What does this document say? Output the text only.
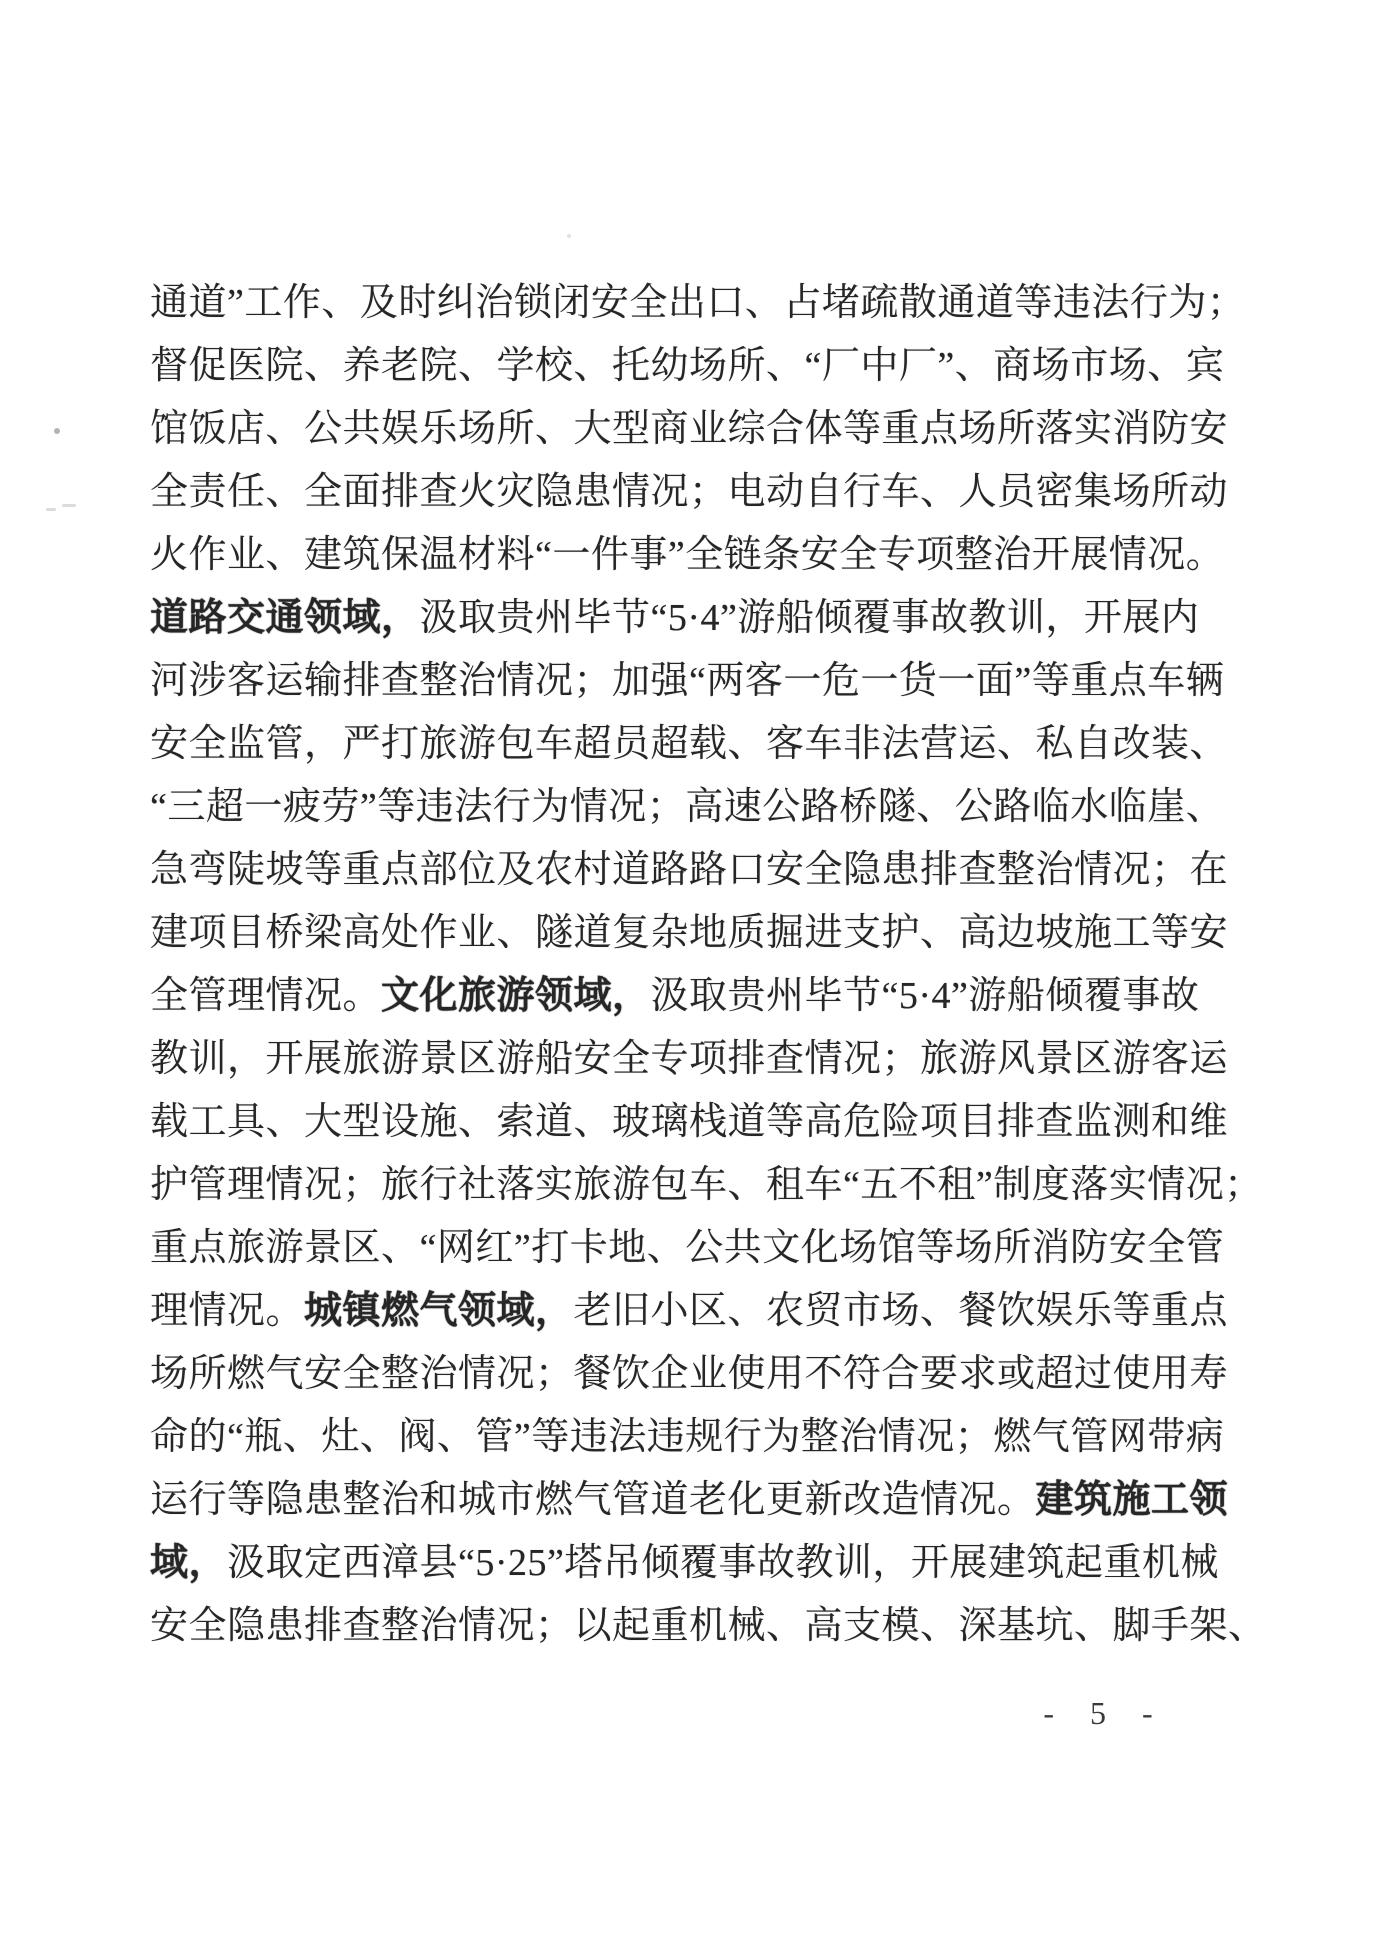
通道”工作、及时纠治锁闭安全出口、占堵疏散通道等违法行为；
督促医院、养老院、学校、托幼场所、“厂中厂”、商场市场、宾
馆饭店、公共娱乐场所、大型商业综合体等重点场所落实消防安
全责任、全面排查火灾隐患情况；电动自行车、人员密集场所动
火作业、建筑保温材料“一件事”全链条安全专项整治开展情况。
道路交通领域，汲取贵州毕节“5·4”游船倾覆事故教训，开展内
河涉客运输排查整治情况；加强“两客一危一货一面”等重点车辆
安全监管，严打旅游包车超员超载、客车非法营运、私自改装、
“三超一疲劳”等违法行为情况；高速公路桥隧、公路临水临崖、
急弯陡坡等重点部位及农村道路路口安全隐患排查整治情况；在
建项目桥梁高处作业、隧道复杂地质掘进支护、高边坡施工等安
全管理情况。文化旅游领域，汲取贵州毕节“5·4”游船倾覆事故
教训，开展旅游景区游船安全专项排查情况；旅游风景区游客运
载工具、大型设施、索道、玻璃栈道等高危险项目排查监测和维
护管理情况；旅行社落实旅游包车、租车“五不租”制度落实情况；
重点旅游景区、“网红”打卡地、公共文化场馆等场所消防安全管
理情况。城镇燃气领域，老旧小区、农贸市场、餐饮娱乐等重点
场所燃气安全整治情况；餐饮企业使用不符合要求或超过使用寿
命的“瓶、灶、阀、管”等违法违规行为整治情况；燃气管网带病
运行等隐患整治和城市燃气管道老化更新改造情况。建筑施工领
域，汲取定西漳县“5·25”塔吊倾覆事故教训，开展建筑起重机械
安全隐患排查整治情况；以起重机械、高支模、深基坑、脚手架、
- 5 -
